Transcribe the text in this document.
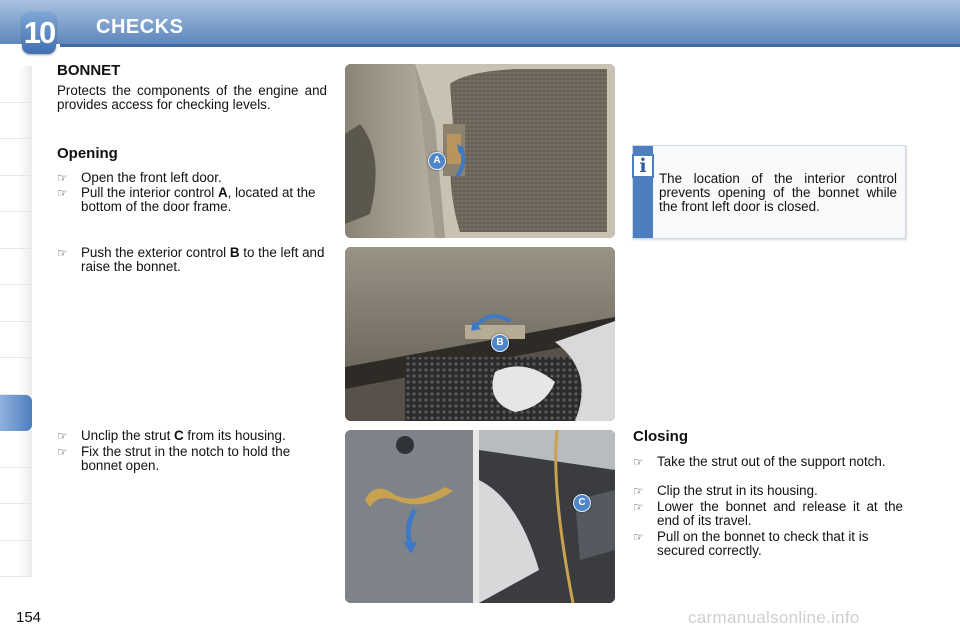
10 CHECKS
BONNET
Protects the components of the engine and provides access for checking levels.
Opening
☞ Open the front left door.
☞ Pull the interior control A, located at the bottom of the door frame.
☞ Push the exterior control B to the left and raise the bonnet.
☞ Unclip the strut C from its housing.
☞ Fix the strut in the notch to hold the bonnet open.
A
B
C
i
The location of the interior control prevents opening of the bonnet while the front left door is closed.
Closing
☞ Take the strut out of the support notch.
☞ Clip the strut in its housing.
☞ Lower the bonnet and release it at the end of its travel.
☞ Pull on the bonnet to check that it is secured correctly.
154	carmanualsonline.info
